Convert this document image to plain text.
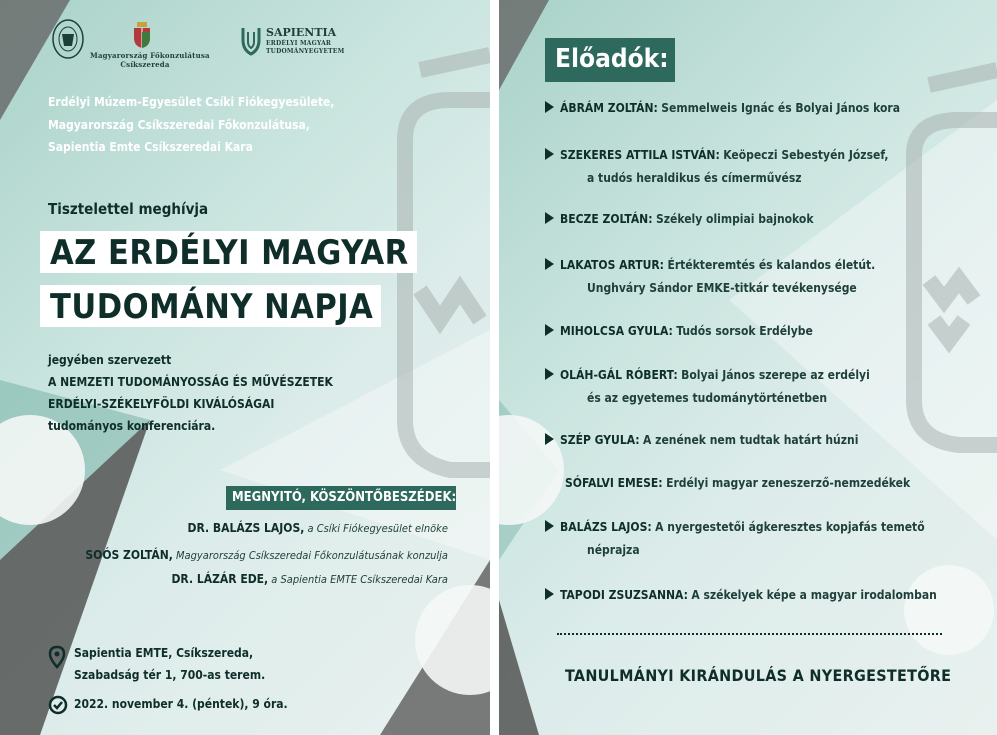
Magyarország Főkonzulátusa
Csíkszereda
SAPIENTIA
ERDÉLYI MAGYAR
TUDOMÁNYEGYETEM
Erdélyi Múzem-Egyesület Csíki Fiókegyesülete,
Magyarország Csíkszeredai Főkonzulátusa,
Sapientia Emte Csíkszeredai Kara
Tisztelettel meghívja
AZ ERDÉLYI MAGYAR
TUDOMÁNY NAPJA
jegyében szervezett
A NEMZETI TUDOMÁNYOSSÁG ÉS MŰVÉSZETEK
ERDÉLYI-SZÉKELYFÖLDI KIVÁLÓSÁGAI
tudományos konferenciára.
MEGNYITÓ, KÖSZÖNTŐBESZÉDEK:
DR. BALÁZS LAJOS, a Csíki Fiókegyesület elnöke
SOÓS ZOLTÁN, Magyarország Csíkszeredai Főkonzulátusának konzulja
DR. LÁZÁR EDE, a Sapientia EMTE Csíkszeredai Kara
Sapientia EMTE, Csíkszereda,
Szabadság tér 1, 700-as terem.
2022. november 4. (péntek), 9 óra.
Előadók:
ÁBRÁM ZOLTÁN: Semmelweis Ignác és Bolyai János kora
SZEKERES ATTILA ISTVÁN: Keöpeczi Sebestyén József,
a tudós heraldikus és címerművész
BECZE ZOLTÁN: Székely olimpiai bajnokok
LAKATOS ARTUR: Értékteremtés és kalandos életút.
Unghváry Sándor EMKE-titkár tevékenysége
MIHOLCSA GYULA: Tudós sorsok Erdélybe
OLÁH-GÁL RÓBERT: Bolyai János szerepe az erdélyi
és az egyetemes tudománytörténetben
SZÉP GYULA: A zenének nem tudtak határt húzni
SÓFALVI EMESE: Erdélyi magyar zeneszerző-nemzedékek
BALÁZS LAJOS: A nyergestetői ágkeresztes kopjafás temető
néprajza
TAPODI ZSUZSANNA: A székelyek képe a magyar irodalomban
TANULMÁNYI KIRÁNDULÁS A NYERGESTETŐRE
